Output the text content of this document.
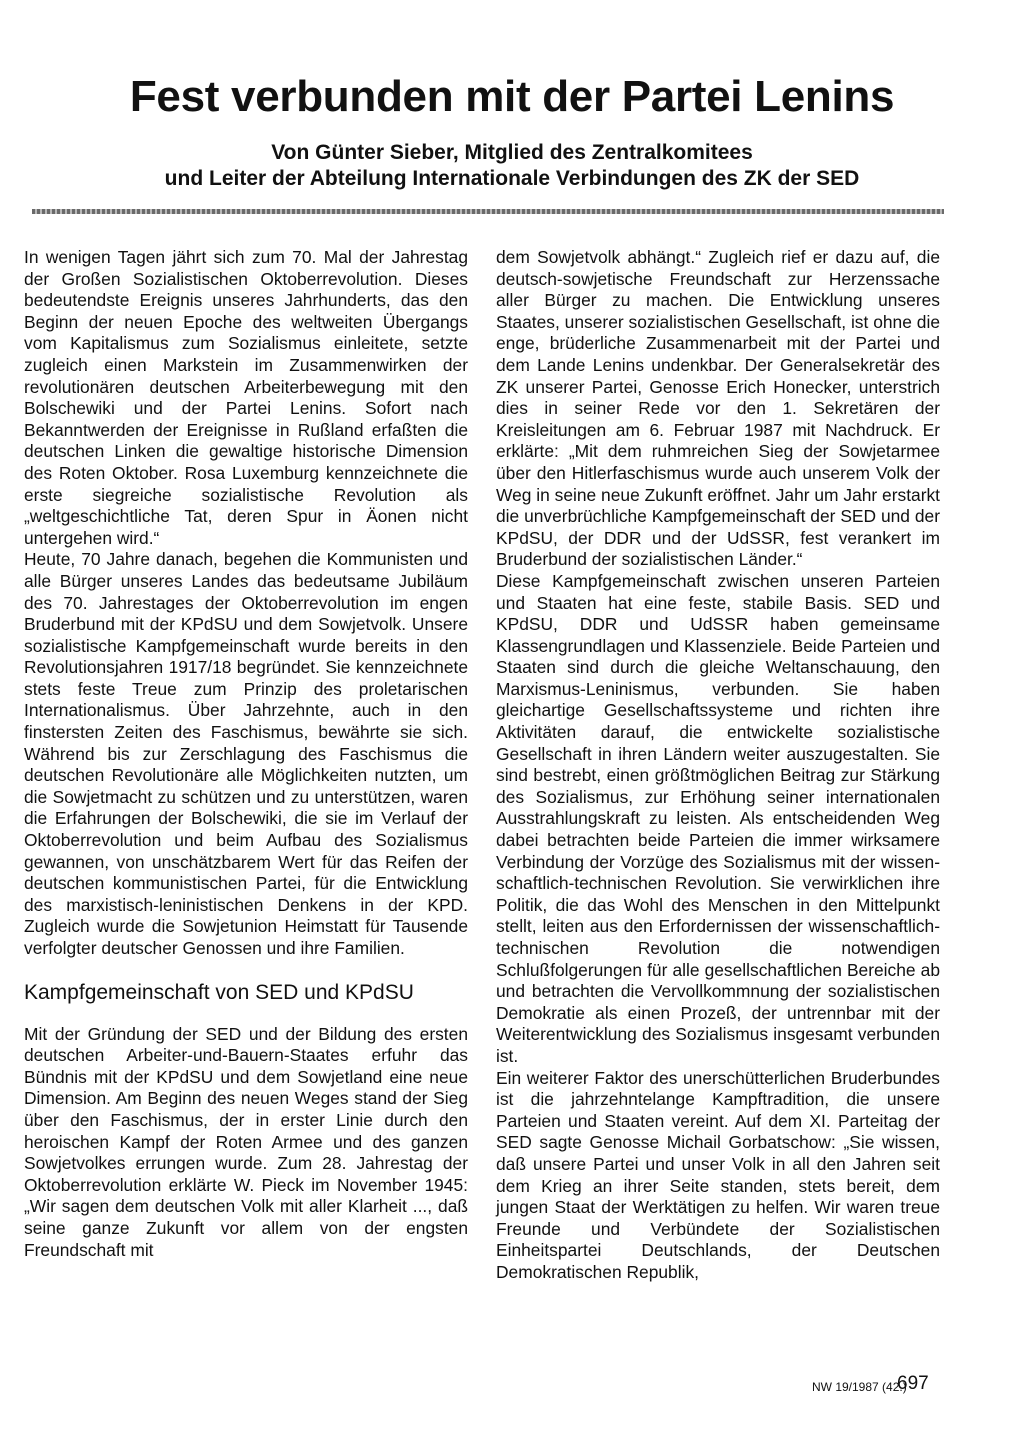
Fest verbunden mit der Partei Lenins
Von Günter Sieber, Mitglied des Zentralkomitees
und Leiter der Abteilung Internationale Verbindungen des ZK der SED

In wenigen Tagen jährt sich zum 70. Mal der Jahrestag der Großen Sozialistischen Oktoberrevolution. Dieses bedeutendste Ereignis unseres Jahrhunderts, das den Beginn der neuen Epoche des weltweiten Übergangs vom Kapitalismus zum Sozialismus einleitete, setzte zugleich einen Markstein im Zusammenwirken der revolutionären deutschen Arbeiterbewegung mit den Bolschewiki und der Partei Lenins. Sofort nach Bekanntwerden der Ereignisse in Rußland erfaßten die deutschen Linken die gewaltige historische Dimension des Roten Oktober. Rosa Luxemburg kennzeichnete die erste siegreiche sozialistische Revolution als „weltgeschichtliche Tat, deren Spur in Äonen nicht untergehen wird.“

Heute, 70 Jahre danach, begehen die Kommunisten und alle Bürger unseres Landes das bedeutsame Jubiläum des 70. Jahrestages der Oktoberrevolution im engen Bruderbund mit der KPdSU und dem Sowjetvolk. Unsere sozialistische Kampfgemeinschaft wurde bereits in den Revolutionsjahren 1917/18 begründet. Sie kennzeichnete stets feste Treue zum Prinzip des proletarischen Internationalismus. Über Jahrzehnte, auch in den finstersten Zeiten des Faschismus, bewährte sie sich. Während bis zur Zerschlagung des Faschismus die deutschen Revolutionäre alle Möglichkeiten nutzten, um die Sowjetmacht zu schützen und zu unterstützen, waren die Erfahrungen der Bolschewiki, die sie im Verlauf der Oktoberrevolution und beim Aufbau des Sozialismus gewannen, von unschätzbarem Wert für das Reifen der deutschen kommunistischen Partei, für die Entwicklung des marxistisch-leninistischen Denkens in der KPD. Zugleich wurde die Sowjetunion Heimstatt für Tausende verfolgter deutscher Genossen und ihre Familien.

Kampfgemeinschaft von SED und KPdSU

Mit der Gründung der SED und der Bildung des ersten deutschen Arbeiter-und-Bauern-Staates erfuhr das Bündnis mit der KPdSU und dem Sowjetland eine neue Dimension. Am Beginn des neuen Weges stand der Sieg über den Faschismus, der in erster Linie durch den heroischen Kampf der Roten Armee und des ganzen Sowjetvolkes errungen wurde. Zum 28. Jahrestag der Oktoberrevolution erklärte W. Pieck im November 1945: „Wir sagen dem deutschen Volk mit aller Klarheit ..., daß seine ganze Zukunft vor allem von der engsten Freundschaft mit

dem Sowjetvolk abhängt.“ Zugleich rief er dazu auf, die deutsch-sowjetische Freundschaft zur Herzenssache aller Bürger zu machen. Die Entwicklung unseres Staates, unserer sozialistischen Gesellschaft, ist ohne die enge, brüderliche Zusammenarbeit mit der Partei und dem Lande Lenins undenkbar. Der Generalsekretär des ZK unserer Partei, Genosse Erich Honecker, unterstrich dies in seiner Rede vor den 1. Sekretären der Kreisleitungen am 6. Februar 1987 mit Nachdruck. Er erklärte: „Mit dem ruhmreichen Sieg der Sowjetarmee über den Hitlerfaschismus wurde auch unserem Volk der Weg in seine neue Zukunft eröffnet. Jahr um Jahr erstarkt die unverbrüchliche Kampfgemeinschaft der SED und der KPdSU, der DDR und der UdSSR, fest verankert im Bruderbund der sozialistischen Länder.“

Diese Kampfgemeinschaft zwischen unseren Parteien und Staaten hat eine feste, stabile Basis. SED und KPdSU, DDR und UdSSR haben gemeinsame Klassengrundlagen und Klassenziele. Beide Parteien und Staaten sind durch die gleiche Weltanschauung, den Marxismus-Leninismus, verbunden. Sie haben gleichartige Gesellschaftssysteme und richten ihre Aktivitäten darauf, die entwickelte sozialistische Gesellschaft in ihren Ländern weiter auszugestalten. Sie sind bestrebt, einen größtmöglichen Beitrag zur Stärkung des Sozialismus, zur Erhöhung seiner internationalen Ausstrahlungskraft zu leisten. Als entscheidenden Weg dabei betrachten beide Parteien die immer wirksamere Verbindung der Vorzüge des Sozialismus mit der wissenschaftlich-technischen Revolution. Sie verwirklichen ihre Politik, die das Wohl des Menschen in den Mittelpunkt stellt, leiten aus den Erfordernissen der wissenschaftlich-technischen Revolution die notwendigen Schlußfolgerungen für alle gesellschaftlichen Bereiche ab und betrachten die Vervollkommnung der sozialistischen Demokratie als einen Prozeß, der untrennbar mit der Weiterentwicklung des Sozialismus insgesamt verbunden ist.

Ein weiterer Faktor des unerschütterlichen Bruderbundes ist die jahrzehntelange Kampftradition, die unsere Parteien und Staaten vereint. Auf dem XI. Parteitag der SED sagte Genosse Michail Gorbatschow: „Sie wissen, daß unsere Partei und unser Volk in all den Jahren seit dem Krieg an ihrer Seite standen, stets bereit, dem jungen Staat der Werktätigen zu helfen. Wir waren treue Freunde und Verbündete der Sozialistischen Einheitspartei Deutschlands, der Deutschen Demokratischen Republik,

NW 19/1987 (42.)
697
